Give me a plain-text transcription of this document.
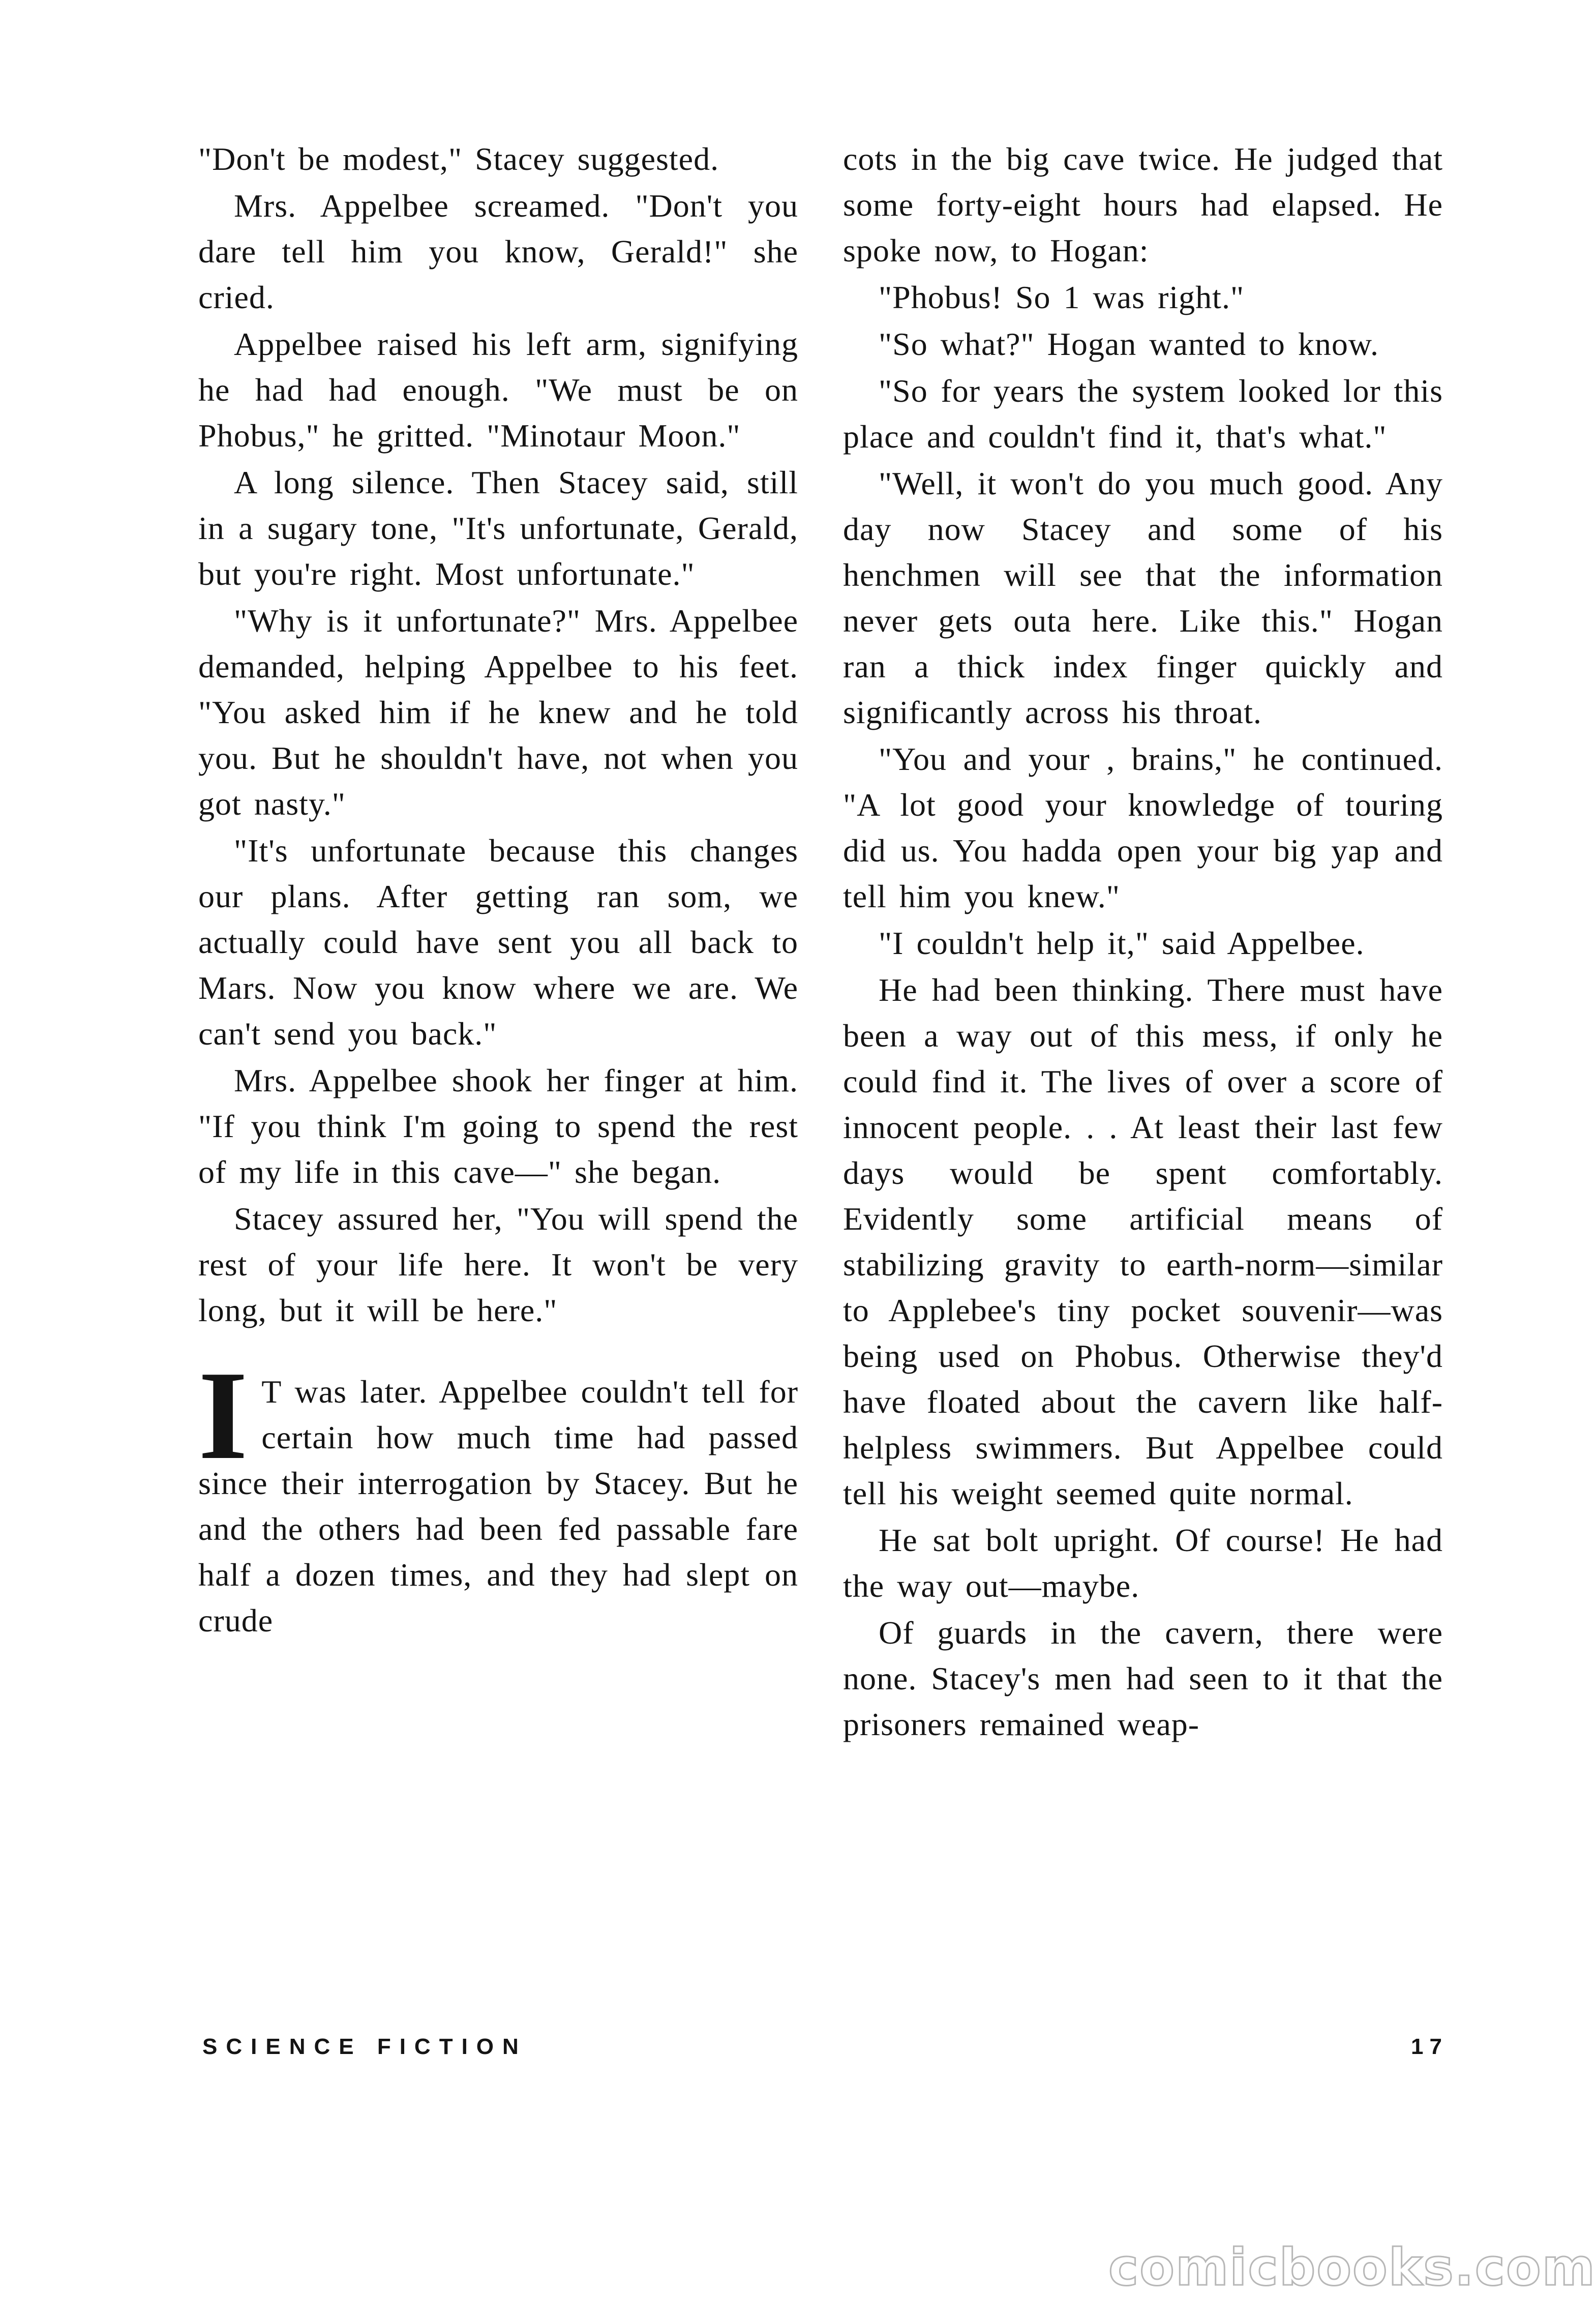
"Don't be modest," Stacey suggested.

Mrs. Appelbee screamed. "Don't you dare tell him you know, Gerald!" she cried.

Appelbee raised his left arm, signifying he had had enough. "We must be on Phobus," he gritted. "Minotaur Moon."

A long silence. Then Stacey said, still in a sugary tone, "It's unfortunate, Gerald, but you're right. Most unfortunate."

"Why is it unfortunate?" Mrs. Appelbee demanded, helping Appelbee to his feet. "You asked him if he knew and he told you. But he shouldn't have, not when you got nasty."

"It's unfortunate because this changes our plans. After getting ran som, we actually could have sent you all back to Mars. Now you know where we are. We can't send you back."

Mrs. Appelbee shook her finger at him. "If you think I'm going to spend the rest of my life in this cave—" she began.

Stacey assured her, "You will spend the rest of your life here. It won't be very long, but it will be here."

I T was later. Appelbee couldn't tell for certain how much time had passed since their interrogation by Stacey. But he and the others had been fed passable fare half a dozen times, and they had slept on crude

cots in the big cave twice. He judged that some forty-eight hours had elapsed. He spoke now, to Hogan:

"Phobus! So 1 was right."

"So what?" Hogan wanted to know.

"So for years the system looked lor this place and couldn't find it, that's what."

"Well, it won't do you much good. Any day now Stacey and some of his henchmen will see that the information never gets outa here. Like this." Hogan ran a thick index finger quickly and significantly across his throat.

"You and your , brains," he continued. "A lot good your knowledge of touring did us. You hadda open your big yap and tell him you knew."

"I couldn't help it," said Appelbee.

He had been thinking. There must have been a way out of this mess, if only he could find it. The lives of over a score of innocent people. . . At least their last few days would be spent comfortably. Evidently some artificial means of stabilizing gravity to earth-norm—similar to Applebee's tiny pocket souvenir—was being used on Phobus. Otherwise they'd have floated about the cavern like half-helpless swimmers. But Appelbee could tell his weight seemed quite normal.

He sat bolt upright. Of course! He had the way out—maybe.

Of guards in the cavern, there were none. Stacey's men had seen to it that the prisoners remained weap-

SCIENCE FICTION	17
comicbooks.com
